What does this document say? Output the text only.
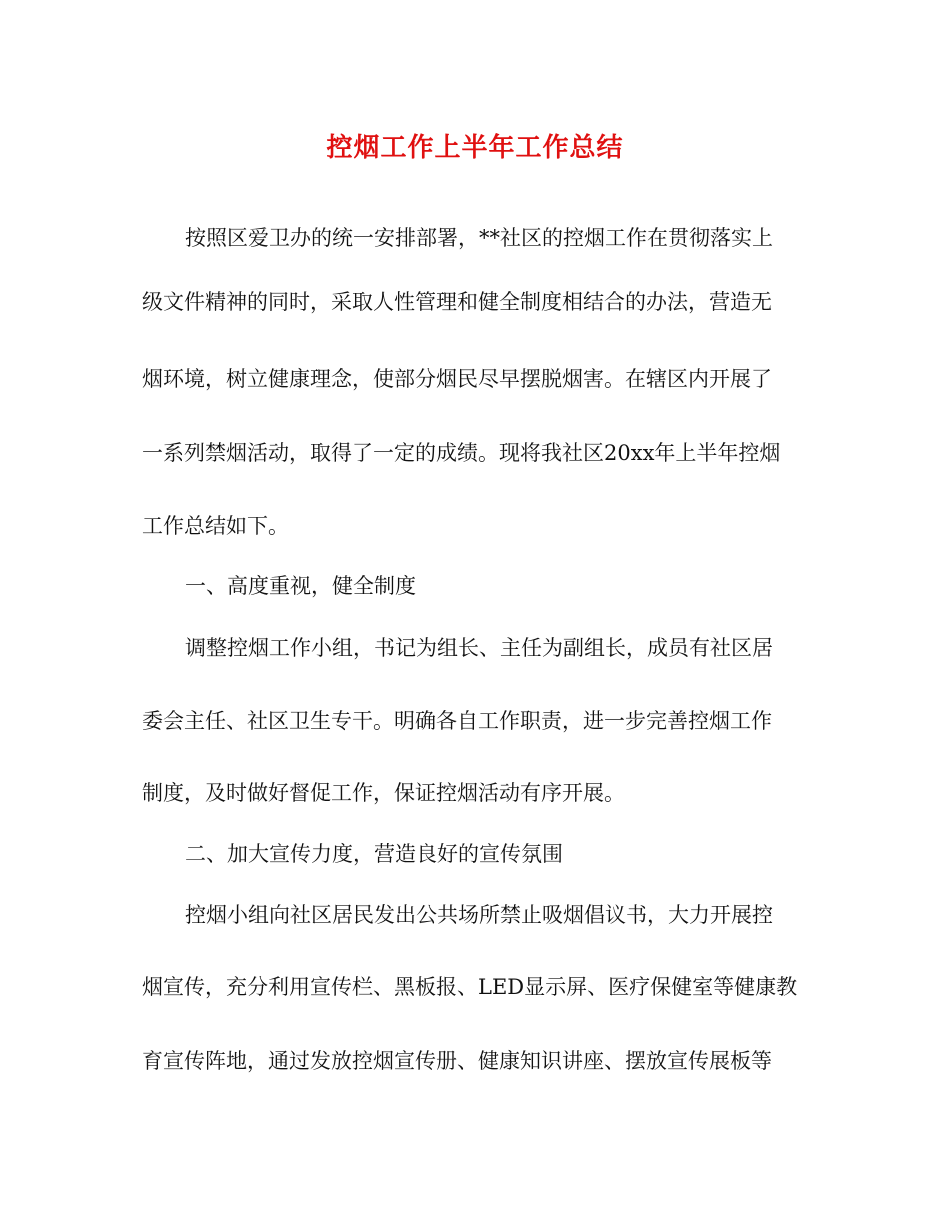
控烟工作上半年工作总结
按照区爱卫办的统一安排部署，**社区的控烟工作在贯彻落实上
级文件精神的同时，采取人性管理和健全制度相结合的办法，营造无
烟环境，树立健康理念，使部分烟民尽早摆脱烟害。在辖区内开展了
一系列禁烟活动，取得了一定的成绩。现将我社区20xx年上半年控烟
工作总结如下。
一、高度重视，健全制度
调整控烟工作小组，书记为组长、主任为副组长，成员有社区居
委会主任、社区卫生专干。明确各自工作职责，进一步完善控烟工作
制度，及时做好督促工作，保证控烟活动有序开展。
二、加大宣传力度，营造良好的宣传氛围
控烟小组向社区居民发出公共场所禁止吸烟倡议书，大力开展控
烟宣传，充分利用宣传栏、黑板报、LED显示屏、医疗保健室等健康教
育宣传阵地，通过发放控烟宣传册、健康知识讲座、摆放宣传展板等
